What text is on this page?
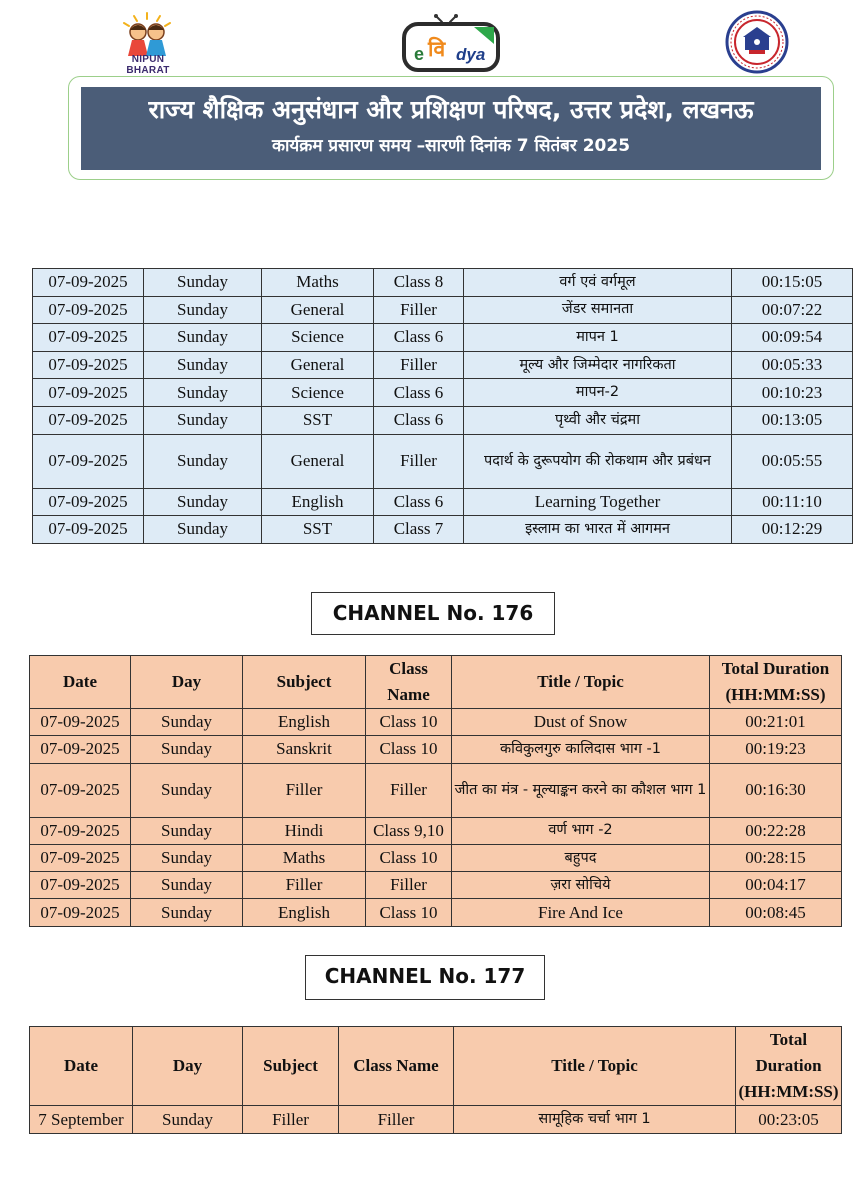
NIPUN
BHARAT
e वि dya
राज्य शैक्षिक अनुसंधान और प्रशिक्षण परिषद, उत्तर प्रदेश, लखनऊ
कार्यक्रम प्रसारण समय –सारणी दिनांक 7 सितंबर 2025
07-09-2025	Sunday	Maths	Class 8	वर्ग एवं वर्गमूल	00:15:05
07-09-2025	Sunday	General	Filler	जेंडर समानता	00:07:22
07-09-2025	Sunday	Science	Class 6	मापन 1	00:09:54
07-09-2025	Sunday	General	Filler	मूल्य और जिम्मेदार नागरिकता	00:05:33
07-09-2025	Sunday	Science	Class 6	मापन-2	00:10:23
07-09-2025	Sunday	SST	Class 6	पृथ्वी और चंद्रमा	00:13:05
07-09-2025	Sunday	General	Filler	पदार्थ के दुरूपयोग की रोकथाम और प्रबंधन	00:05:55
07-09-2025	Sunday	English	Class 6	Learning Together	00:11:10
07-09-2025	Sunday	SST	Class 7	इस्लाम का भारत में आगमन	00:12:29
CHANNEL No. 176
Date	Day	Subject	Class Name	Title / Topic	Total Duration (HH:MM:SS)
07-09-2025	Sunday	English	Class 10	Dust of Snow	00:21:01
07-09-2025	Sunday	Sanskrit	Class 10	कविकुलगुरु कालिदास भाग -1	00:19:23
07-09-2025	Sunday	Filler	Filler	जीत का मंत्र - मूल्याङ्कन करने का कौशल भाग 1	00:16:30
07-09-2025	Sunday	Hindi	Class 9,10	वर्ण भाग -2	00:22:28
07-09-2025	Sunday	Maths	Class 10	बहुपद	00:28:15
07-09-2025	Sunday	Filler	Filler	ज़रा सोचिये	00:04:17
07-09-2025	Sunday	English	Class 10	Fire And Ice	00:08:45
CHANNEL No. 177
Date	Day	Subject	Class Name	Title / Topic	Total Duration (HH:MM:SS)
7 September	Sunday	Filler	Filler	सामूहिक चर्चा भाग 1	00:23:05
